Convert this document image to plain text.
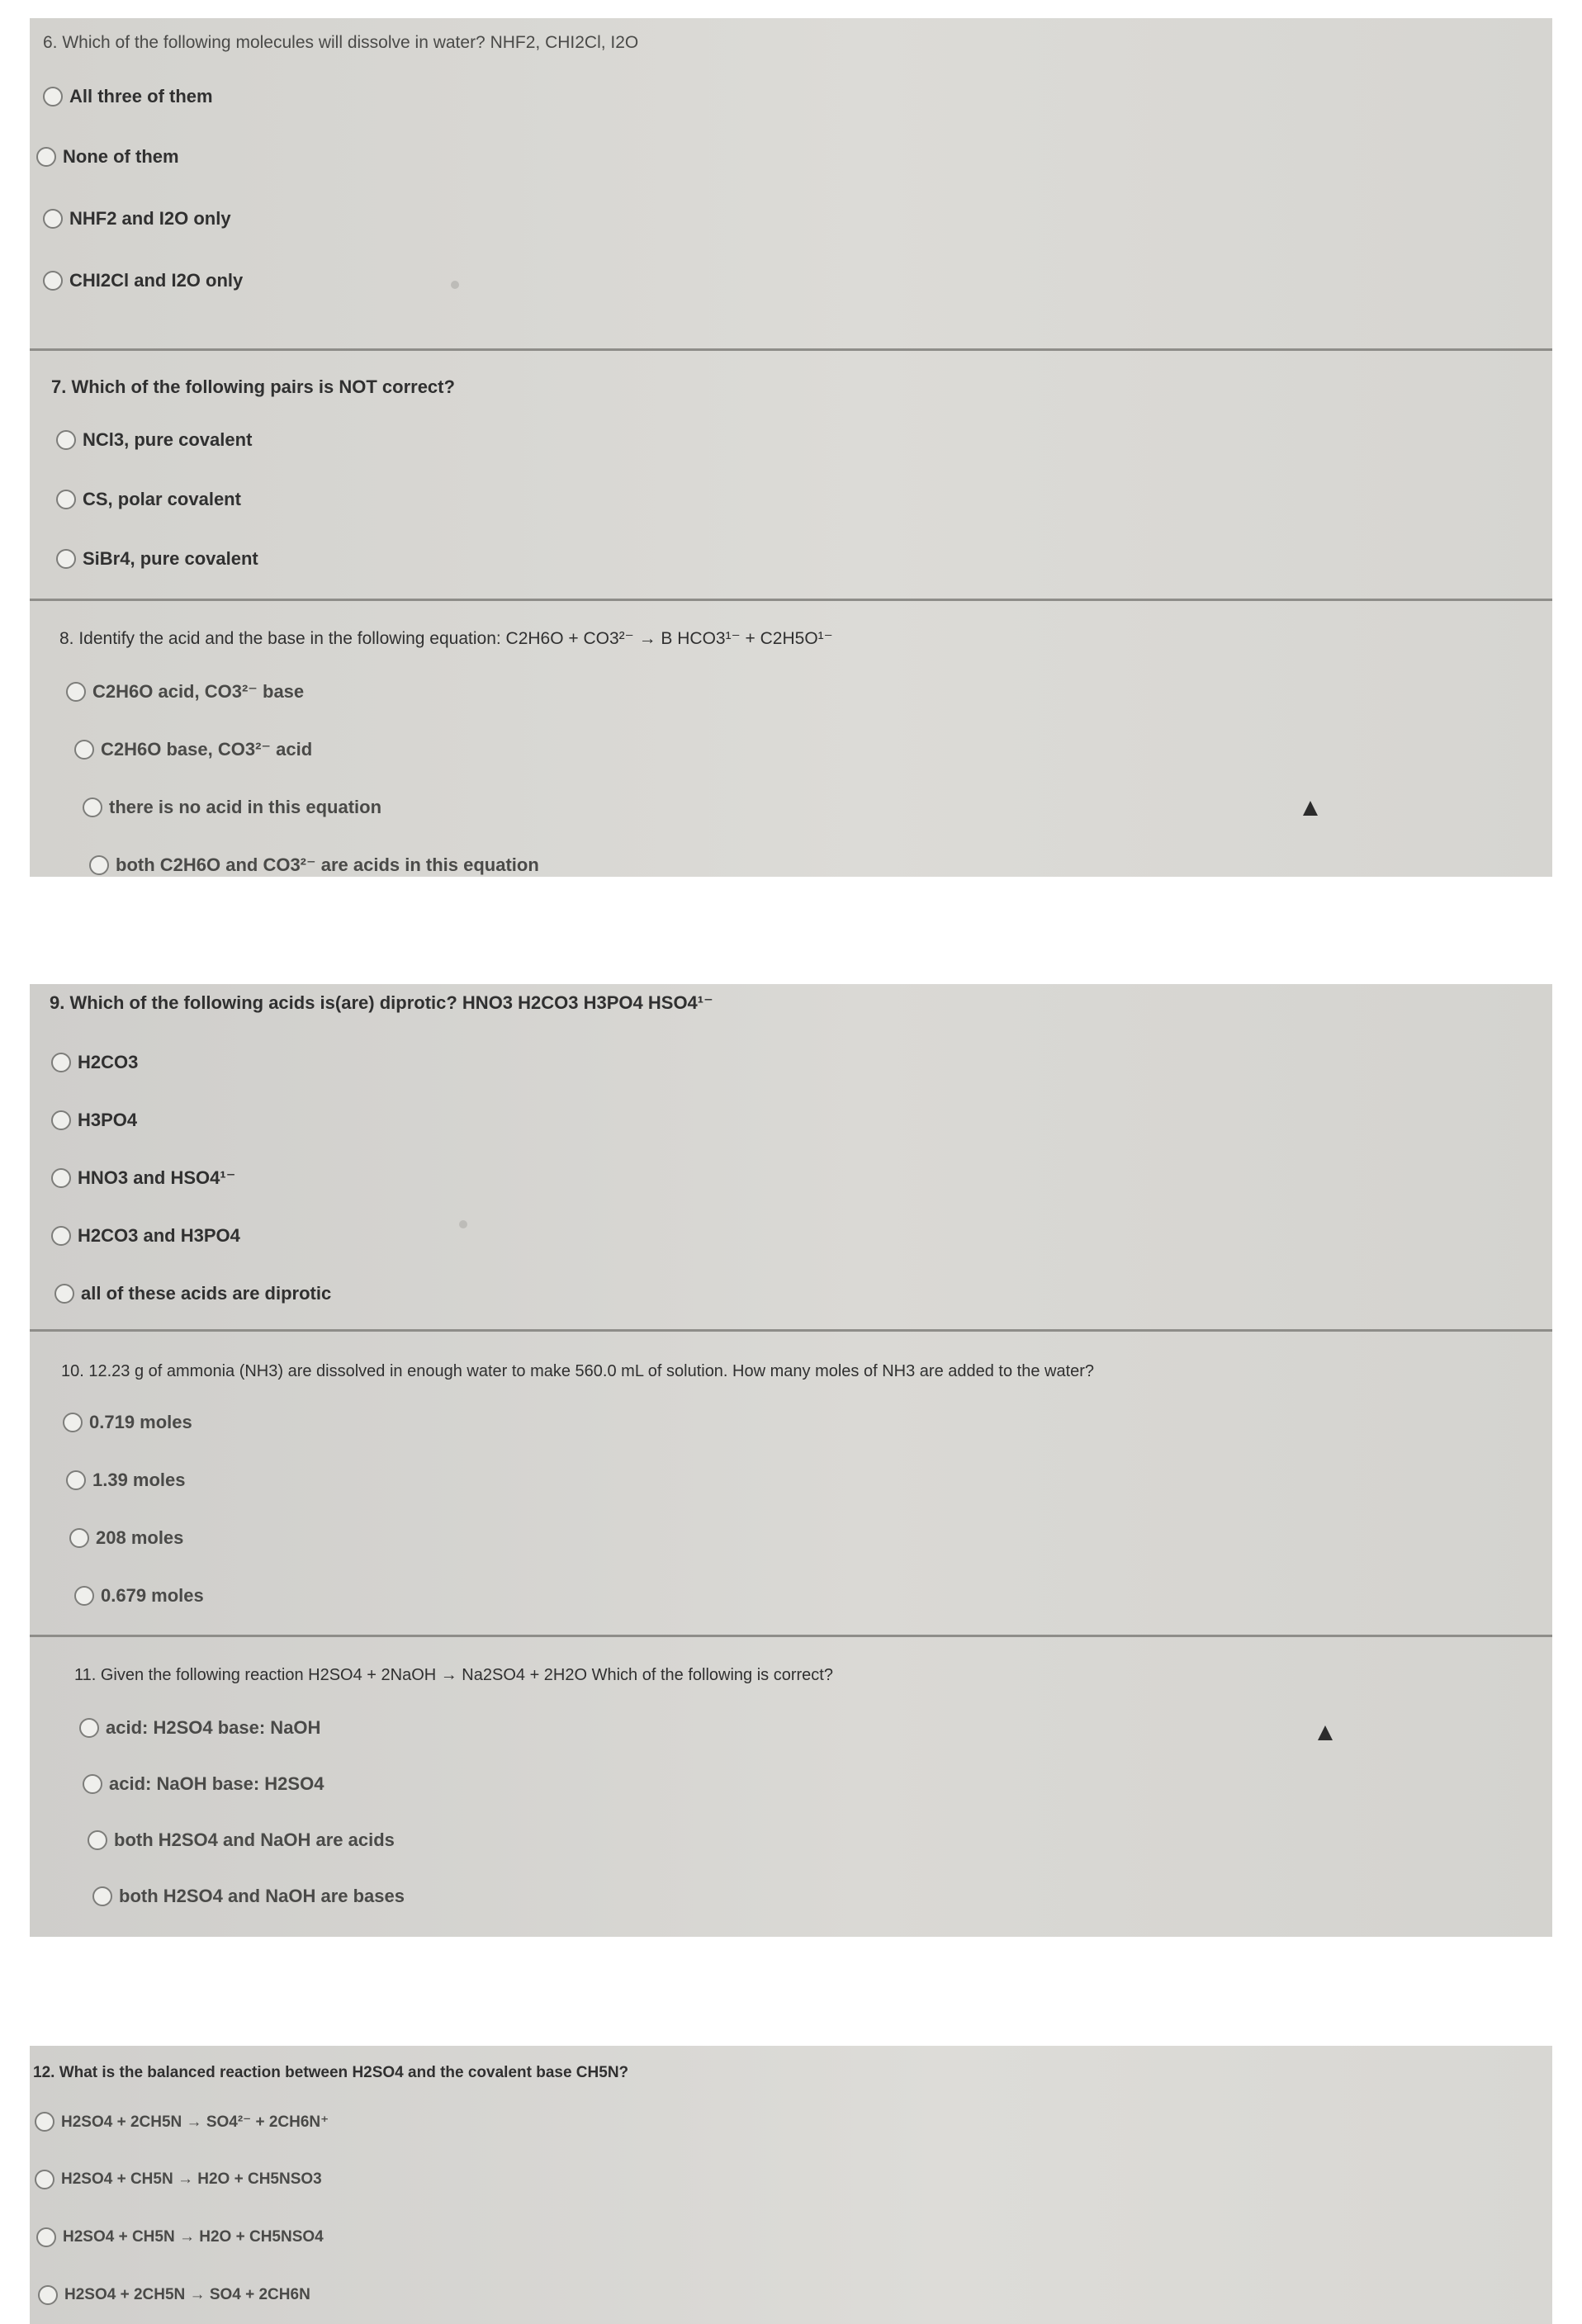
6. Which of the following molecules will dissolve in water? NHF2, CHI2Cl, I2O
All three of them
None of them
NHF2 and I2O only
CHI2Cl and I2O only
7. Which of the following pairs is NOT correct?
NCl3, pure covalent
CS, polar covalent
SiBr4, pure covalent
8. Identify the acid and the base in the following equation: C2H6O + CO3²⁻ → B HCO3¹⁻ + C2H5O¹⁻
C2H6O acid, CO3²⁻ base
C2H6O base, CO3²⁻ acid
there is no acid in this equation
both C2H6O and CO3²⁻ are acids in this equation
9. Which of the following acids is(are) diprotic? HNO3 H2CO3 H3PO4 HSO4¹⁻
H2CO3
H3PO4
HNO3 and HSO4¹⁻
H2CO3 and H3PO4
all of these acids are diprotic
10. 12.23 g of ammonia (NH3) are dissolved in enough water to make 560.0 mL of solution. How many moles of NH3 are added to the water?
0.719 moles
1.39 moles
208 moles
0.679 moles
11. Given the following reaction H2SO4 + 2NaOH → Na2SO4 + 2H2O Which of the following is correct?
acid: H2SO4 base: NaOH
acid: NaOH base: H2SO4
both H2SO4 and NaOH are acids
both H2SO4 and NaOH are bases
12. What is the balanced reaction between H2SO4 and the covalent base CH5N?
H2SO4 + 2CH5N → SO4²⁻ + 2CH6N⁺
H2SO4 + CH5N → H2O + CH5NSO3
H2SO4 + CH5N → H2O + CH5NSO4
H2SO4 + 2CH5N → SO4 + 2CH6N
